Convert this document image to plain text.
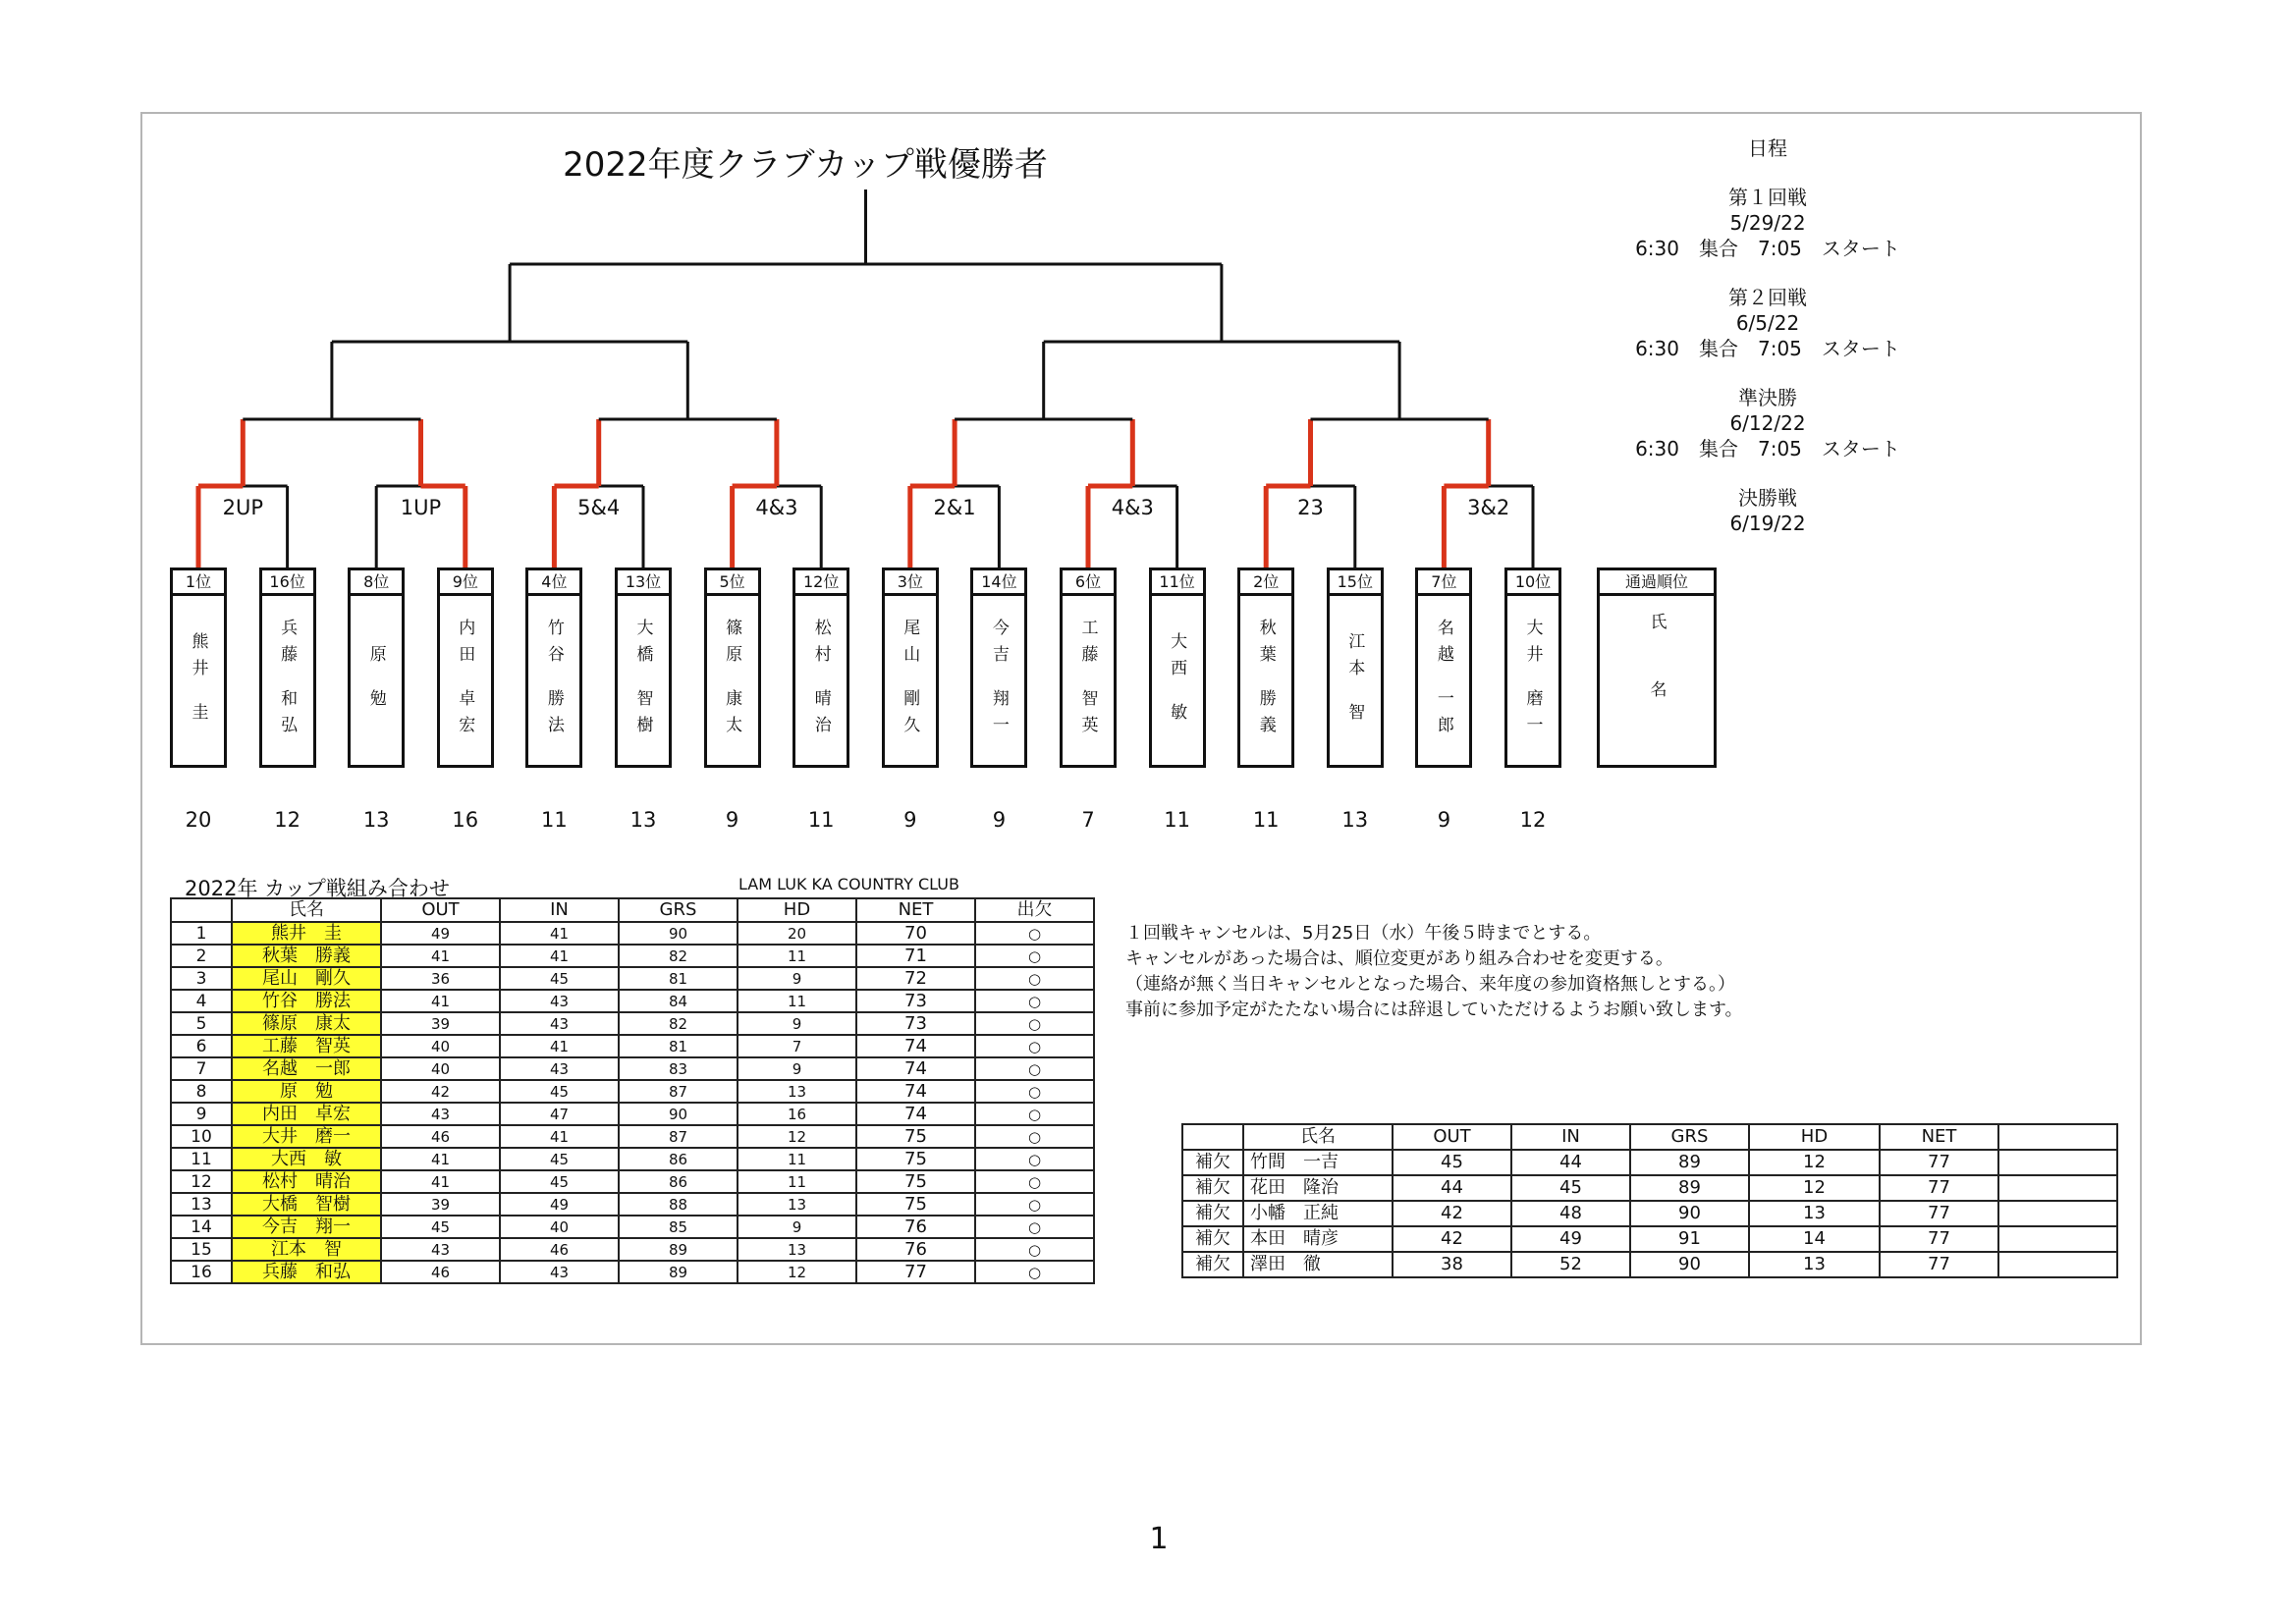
2022年度クラブカップ戦優勝者	日程
第１回戦
5/29/22
6:30　集合　7:05　スタート
第２回戦
6/5/22
6:30　集合　7:05　スタート
準決勝
6/12/22
6:30　集合　7:05　スタート
決勝戦
6/19/22
2UP	1UP	5&4	4&3	2&1	4&3	23	3&2
1位
熊井圭
20
16位
兵藤和弘
12
8位
原勉
13
9位
内田卓宏
16
4位
竹谷勝法
11
13位
大橋智樹
13
5位
篠原康太
9
12位
松村晴治
11
3位
尾山剛久
9
14位
今吉翔一
9
6位
工藤智英
7
11位
大西敏
11
2位
秋葉勝義
11
15位
江本智
13
7位
名越一郎
9
10位
大井磨一
12
通過順位
氏名
2022年 カップ戦組み合わせ	LAM LUK KA COUNTRY CLUB
	氏名	OUT	IN	GRS	HD	NET	出欠
1	熊井　圭	49	41	90	20	70	○
2	秋葉　勝義	41	41	82	11	71	○
3	尾山　剛久	36	45	81	9	72	○
4	竹谷　勝法	41	43	84	11	73	○
5	篠原　康太	39	43	82	9	73	○
6	工藤　智英	40	41	81	7	74	○
7	名越　一郎	40	43	83	9	74	○
8	原　勉	42	45	87	13	74	○
9	内田　卓宏	43	47	90	16	74	○
10	大井　磨一	46	41	87	12	75	○
11	大西　敏	41	45	86	11	75	○
12	松村　晴治	41	45	86	11	75	○
13	大橋　智樹	39	49	88	13	75	○
14	今吉　翔一	45	40	85	9	76	○
15	江本　智	43	46	89	13	76	○
16	兵藤　和弘	46	43	89	12	77	○
１回戦キャンセルは、5月25日（水）午後５時までとする。
キャンセルがあった場合は、順位変更があり組み合わせを変更する。
（連絡が無く当日キャンセルとなった場合、来年度の参加資格無しとする。）
事前に参加予定がたたない場合には辞退していただけるようお願い致します。
	氏名	OUT	IN	GRS	HD	NET	
補欠	竹間　一吉	45	44	89	12	77	
補欠	花田　隆治	44	45	89	12	77	
補欠	小幡　正純	42	48	90	13	77	
補欠	本田　晴彦	42	49	91	14	77	
補欠	澤田　徹	38	52	90	13	77	
1
